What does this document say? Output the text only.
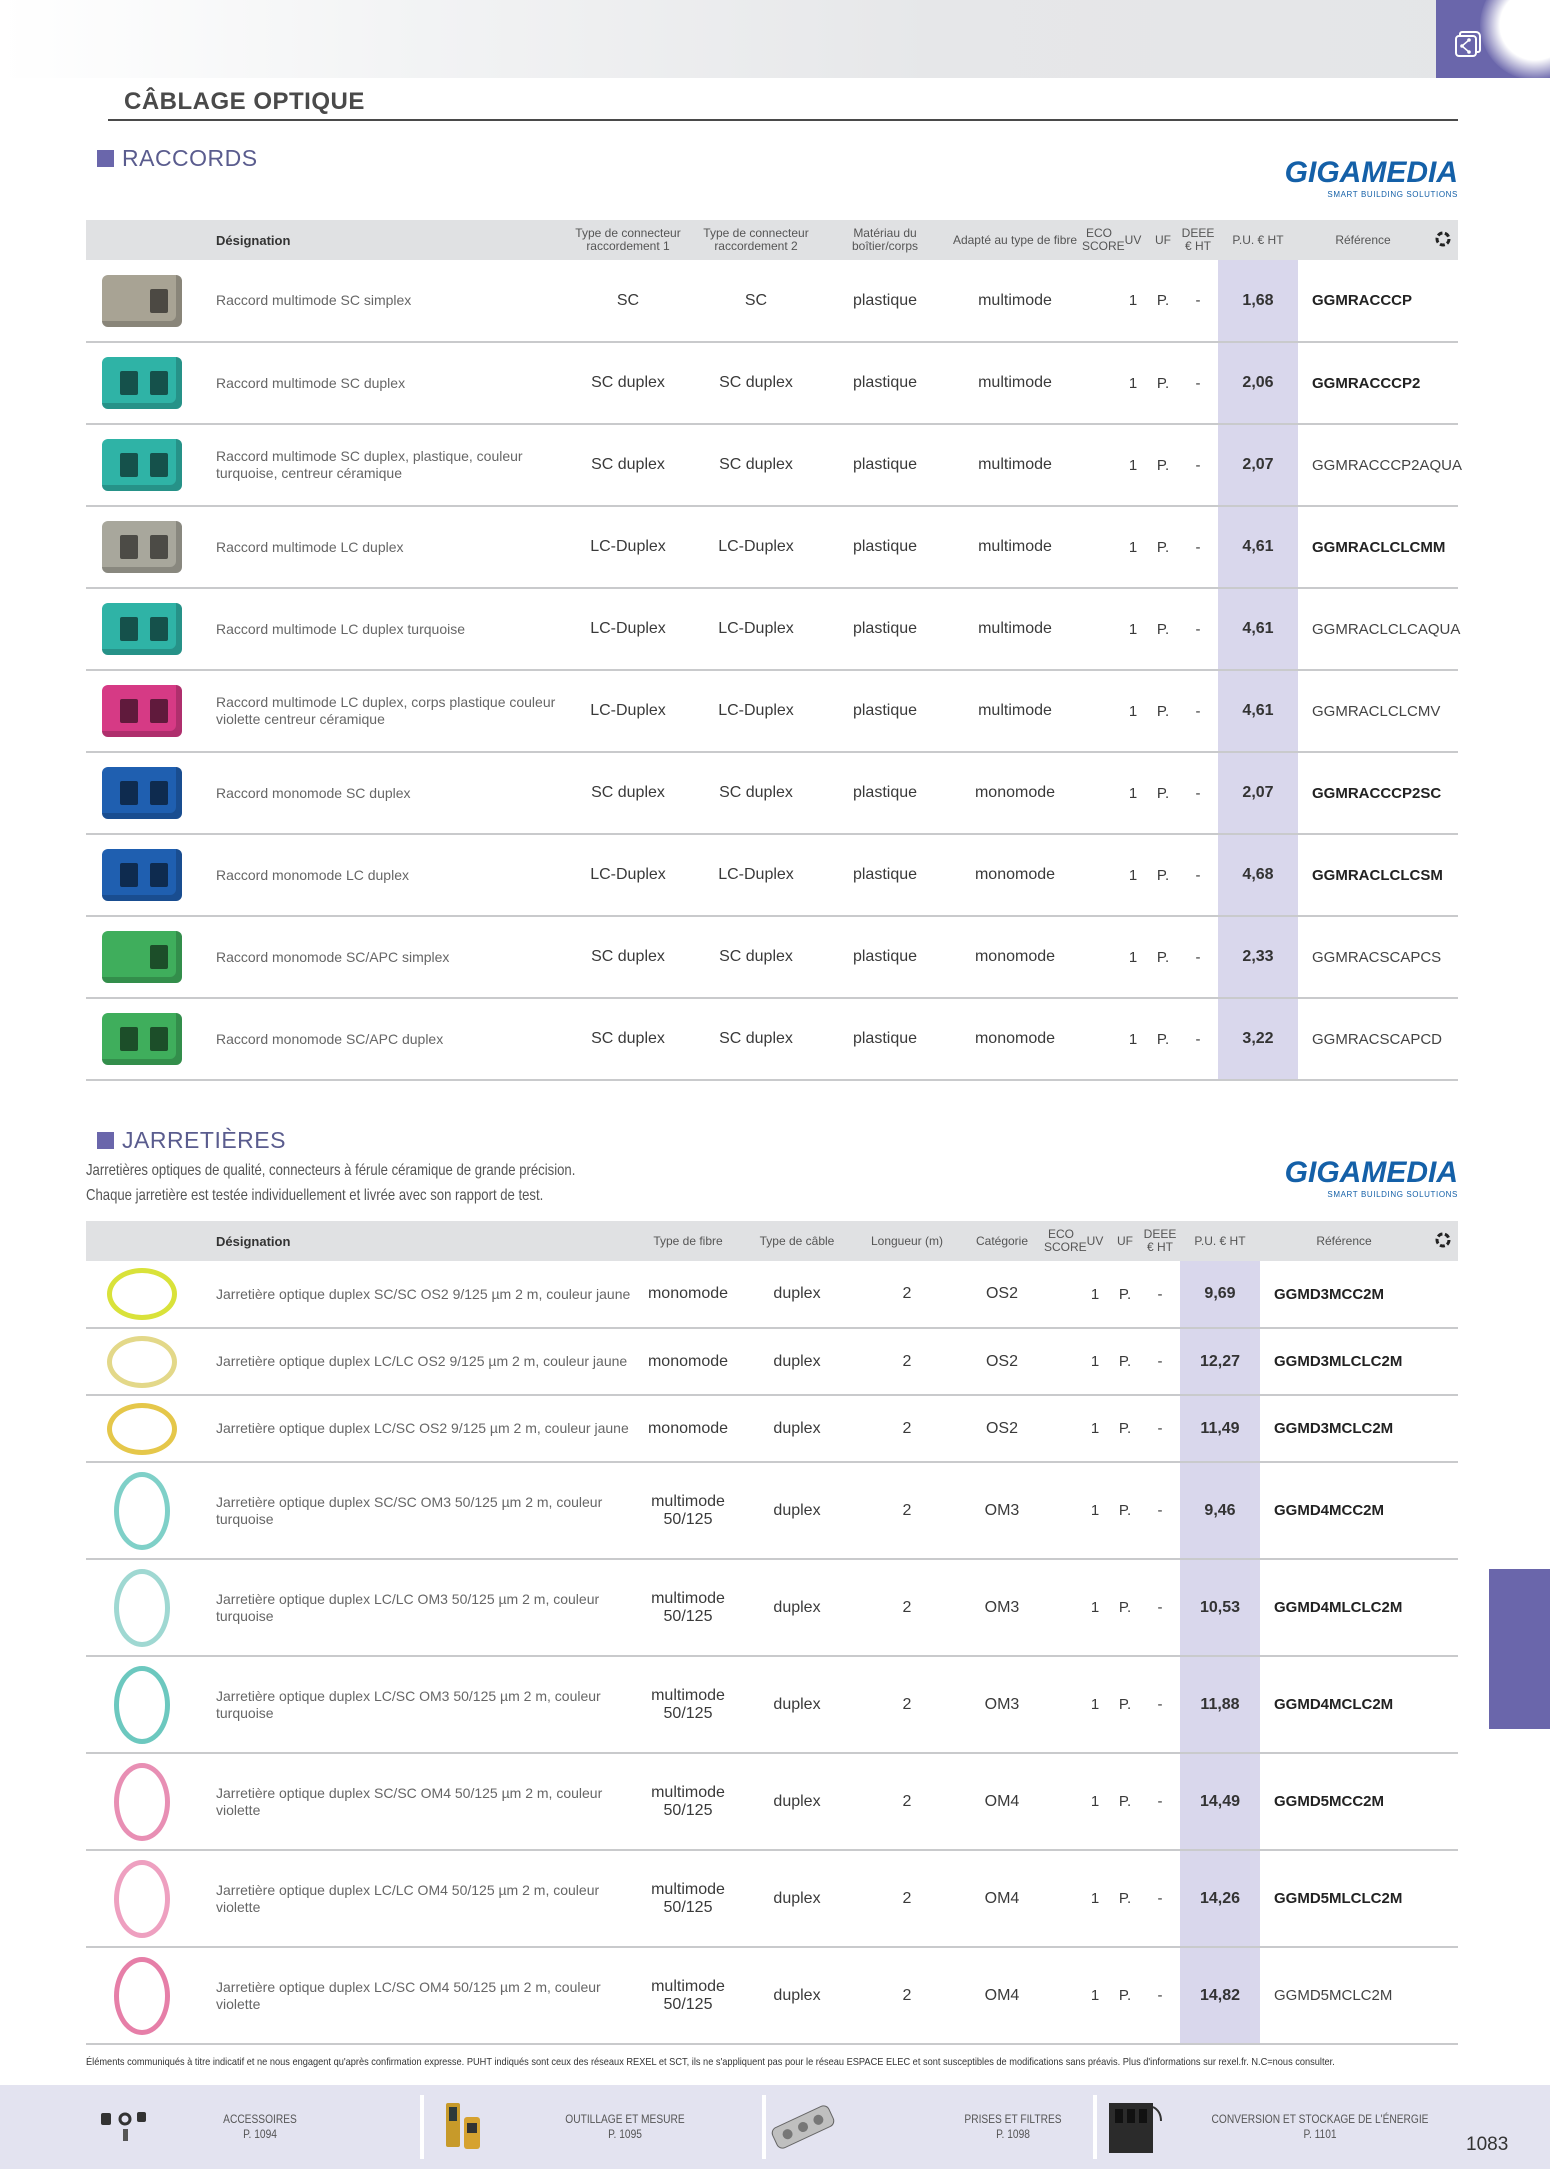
CÂBLAGE OPTIQUE
RACCORDS	GIGAMEDIA
SMART BUILDING SOLUTIONS
	Désignation	Type de connecteur raccordement 1	Type de connecteur raccordement 2	Matériau du boîtier/corps	Adapté au type de fibre	ECO SCORE	UV	UF	DEEE € HT	P.U. € HT	Référence	

	Raccord multimode SC simplex	SC	SC	plastique	multimode		1	P.	-	1,68	GGMRACCCP	

	Raccord multimode SC duplex	SC duplex	SC duplex	plastique	multimode		1	P.	-	2,06	GGMRACCCP2	

	Raccord multimode SC duplex, plastique, couleur turquoise, centreur céramique	SC duplex	SC duplex	plastique	multimode		1	P.	-	2,07	GGMRACCCP2AQUA	

	Raccord multimode LC duplex	LC-Duplex	LC-Duplex	plastique	multimode		1	P.	-	4,61	GGMRACLCLCMM	

	Raccord multimode LC duplex turquoise	LC-Duplex	LC-Duplex	plastique	multimode		1	P.	-	4,61	GGMRACLCLCAQUA	

	Raccord multimode LC duplex, corps plastique couleur violette centreur céramique	LC-Duplex	LC-Duplex	plastique	multimode		1	P.	-	4,61	GGMRACLCLCMV	

	Raccord monomode SC duplex	SC duplex	SC duplex	plastique	monomode		1	P.	-	2,07	GGMRACCCP2SC	

	Raccord monomode LC duplex	LC-Duplex	LC-Duplex	plastique	monomode		1	P.	-	4,68	GGMRACLCLCSM	

	Raccord monomode SC/APC simplex	SC duplex	SC duplex	plastique	monomode		1	P.	-	2,33	GGMRACSCAPCS	

	Raccord monomode SC/APC duplex	SC duplex	SC duplex	plastique	monomode		1	P.	-	3,22	GGMRACSCAPCD	
JARRETIÈRES
Jarretières optiques de qualité, connecteurs à férule céramique de grande précision.
Chaque jarretière est testée individuellement et livrée avec son rapport de test.
GIGAMEDIA
SMART BUILDING SOLUTIONS
	Désignation	Type de fibre	Type de câble	Longueur (m)	Catégorie	ECO SCORE	UV	UF	DEEE € HT	P.U. € HT	Référence	

	Jarretière optique duplex SC/SC OS2 9/125 µm 2 m, couleur jaune	monomode	duplex	2	OS2		1	P.	-	9,69	GGMD3MCC2M	

	Jarretière optique duplex LC/LC OS2 9/125 µm 2 m, couleur jaune	monomode	duplex	2	OS2		1	P.	-	12,27	GGMD3MLCLC2M	

	Jarretière optique duplex LC/SC OS2 9/125 µm 2 m, couleur jaune	monomode	duplex	2	OS2		1	P.	-	11,49	GGMD3MCLC2M	

	Jarretière optique duplex SC/SC OM3 50/125 µm 2 m, couleur turquoise	multimode 50/125	duplex	2	OM3		1	P.	-	9,46	GGMD4MCC2M	

	Jarretière optique duplex LC/LC OM3 50/125 µm 2 m, couleur turquoise	multimode 50/125	duplex	2	OM3		1	P.	-	10,53	GGMD4MLCLC2M	

	Jarretière optique duplex LC/SC OM3 50/125 µm 2 m, couleur turquoise	multimode 50/125	duplex	2	OM3		1	P.	-	11,88	GGMD4MCLC2M	

	Jarretière optique duplex SC/SC OM4 50/125 µm 2 m, couleur violette	multimode 50/125	duplex	2	OM4		1	P.	-	14,49	GGMD5MCC2M	

	Jarretière optique duplex LC/LC OM4 50/125 µm 2 m, couleur violette	multimode 50/125	duplex	2	OM4		1	P.	-	14,26	GGMD5MLCLC2M	

	Jarretière optique duplex LC/SC OM4 50/125 µm 2 m, couleur violette	multimode 50/125	duplex	2	OM4		1	P.	-	14,82	GGMD5MCLC2M	
Éléments communiqués à titre indicatif et ne nous engagent qu'après confirmation expresse. PUHT indiqués sont ceux des réseaux REXEL et SCT, ils ne s'appliquent pas pour le réseau ESPACE ELEC et sont susceptibles de modifications sans préavis. Plus d'informations sur rexel.fr. N.C=nous consulter.
ACCESSOIRES
P. 1094
OUTILLAGE ET MESURE
P. 1095
PRISES ET FILTRES
P. 1098
CONVERSION ET STOCKAGE DE L'ÉNERGIE
P. 1101	1083
